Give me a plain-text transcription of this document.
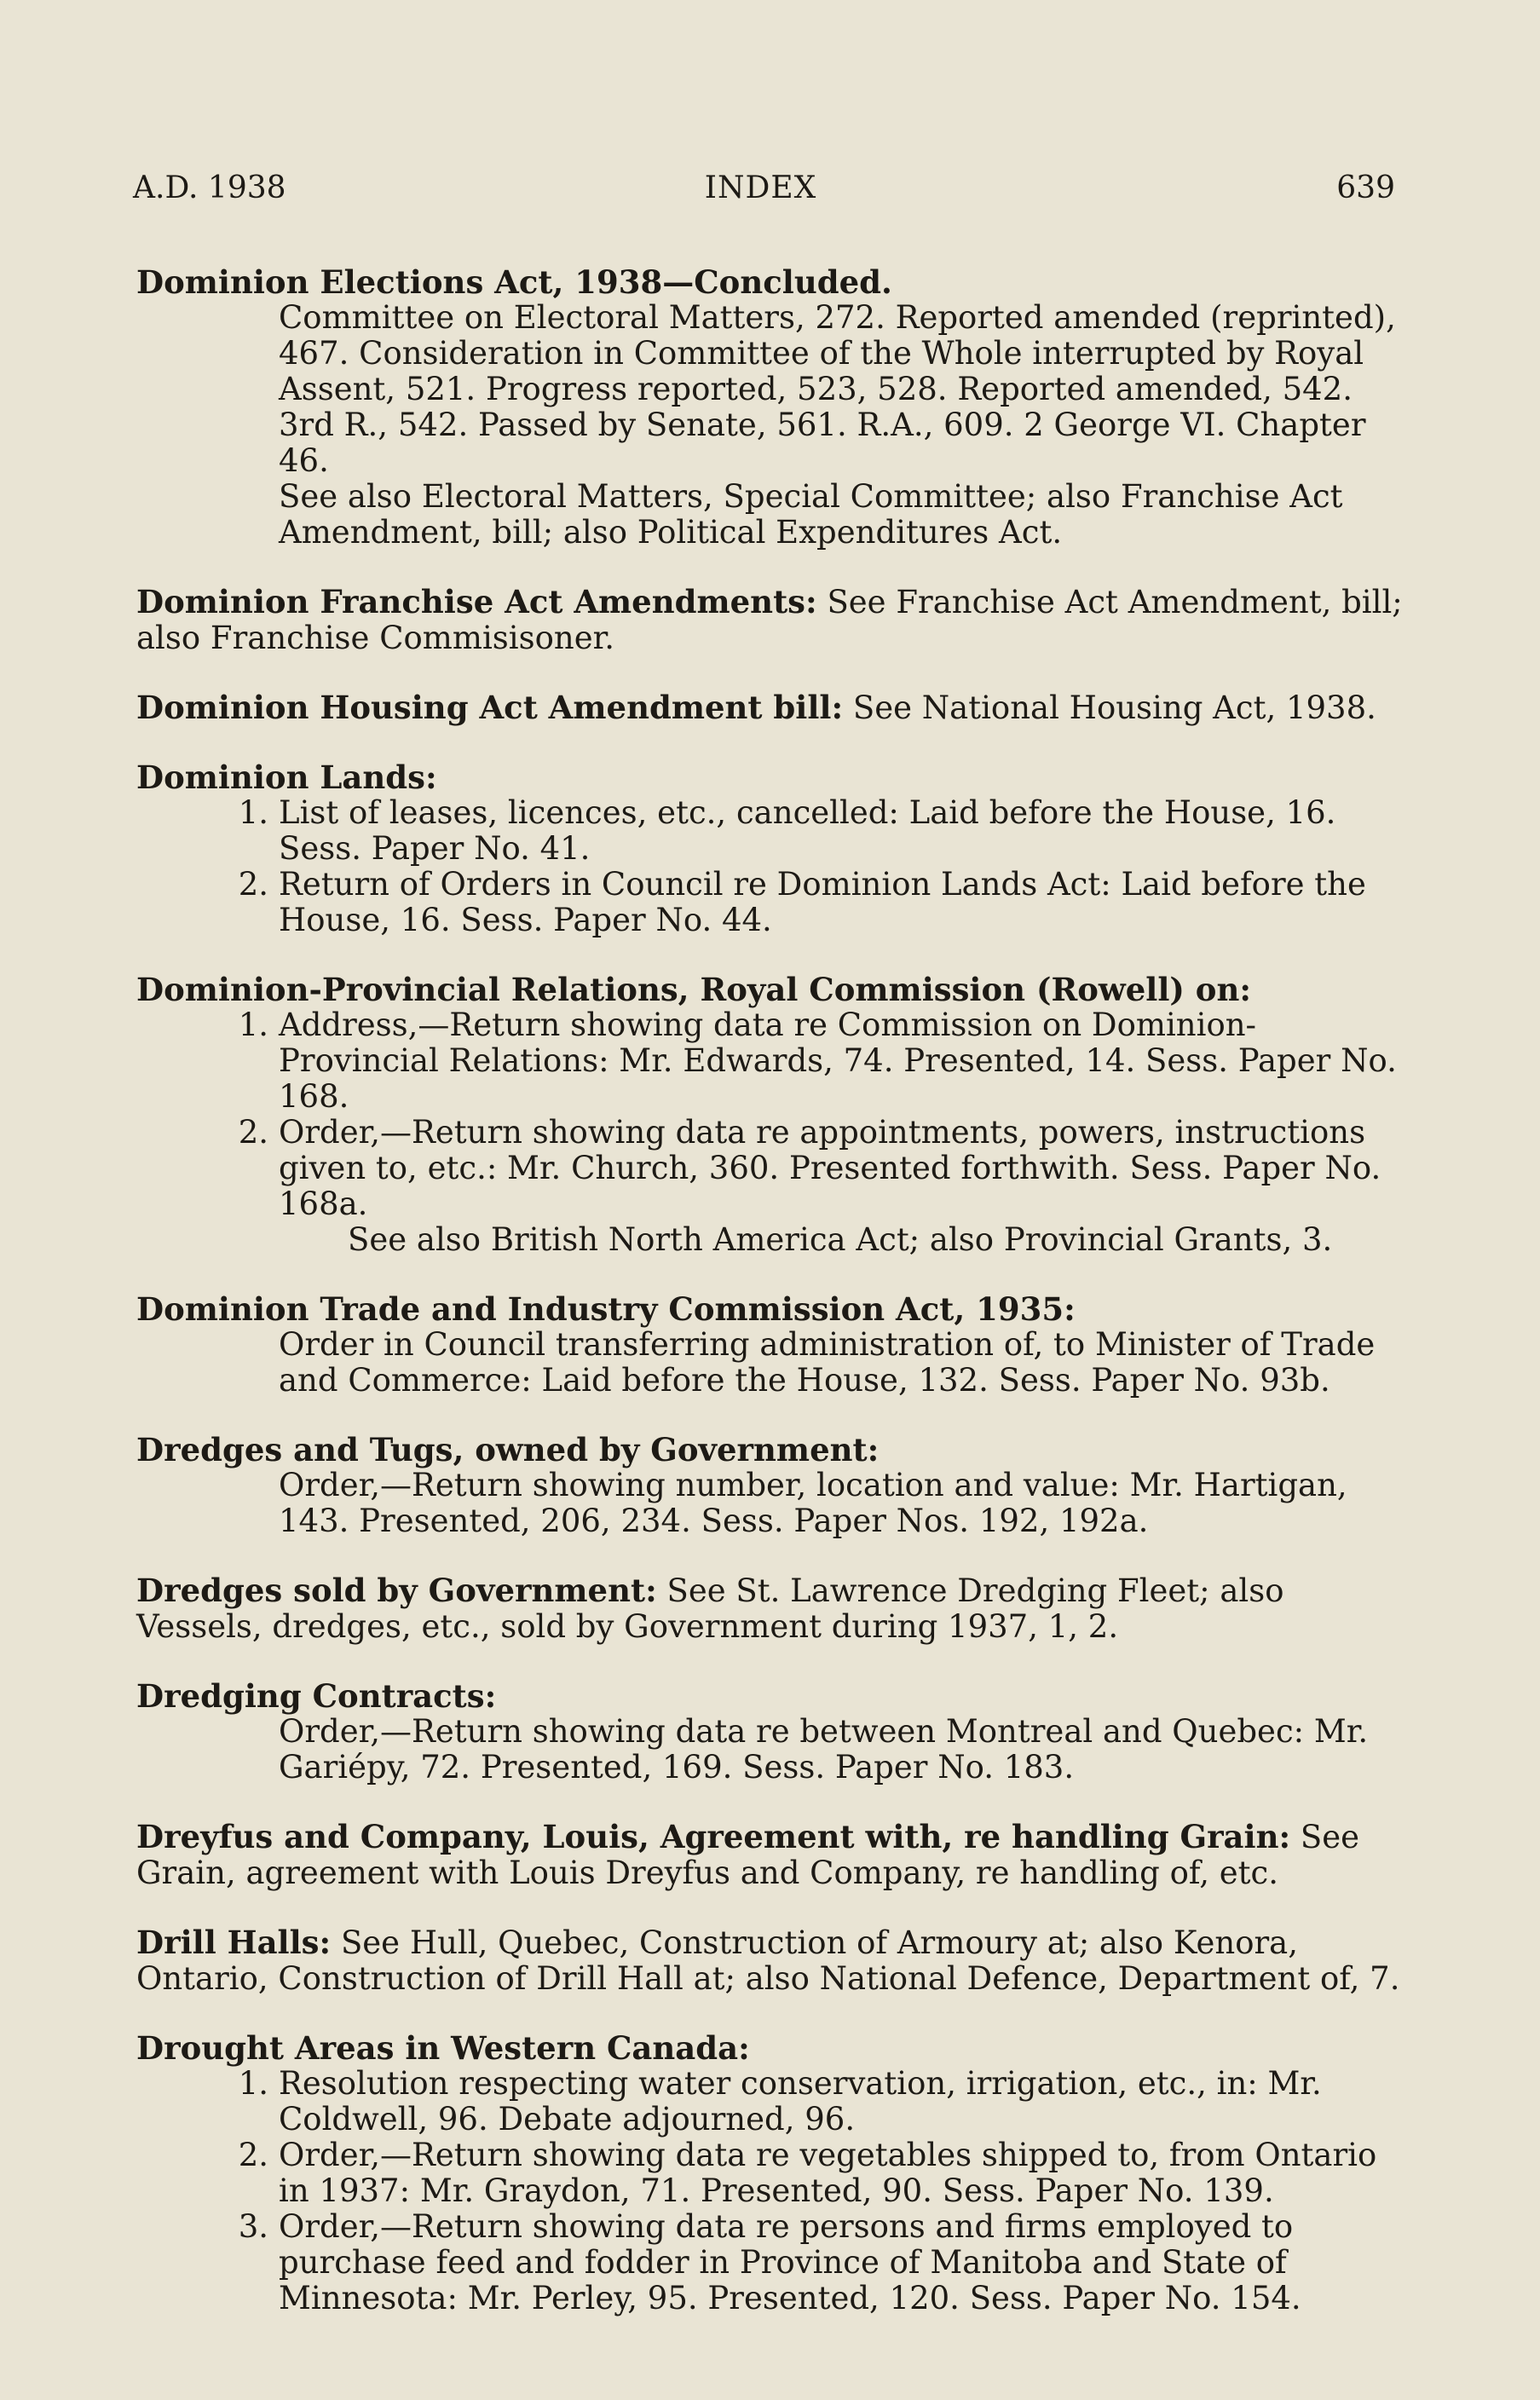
A.D. 1938	INDEX	639
Dominion Elections Act, 1938—Concluded.
Committee on Electoral Matters, 272. Reported amended (reprinted), 467. Consideration in Committee of the Whole interrupted by Royal Assent, 521. Progress reported, 523, 528. Reported amended, 542. 3rd R., 542. Passed by Senate, 561. R.A., 609. 2 George VI. Chapter 46.
See also Electoral Matters, Special Committee; also Franchise Act Amendment, bill; also Political Expenditures Act.
Dominion Franchise Act Amendments: See Franchise Act Amendment, bill; also Franchise Commisisoner.
Dominion Housing Act Amendment bill: See National Housing Act, 1938.
Dominion Lands:
1. List of leases, licences, etc., cancelled: Laid before the House, 16. Sess. Paper No. 41.
2. Return of Orders in Council re Dominion Lands Act: Laid before the House, 16. Sess. Paper No. 44.
Dominion-Provincial Relations, Royal Commission (Rowell) on:
1. Address,—Return showing data re Commission on Dominion-Provincial Relations: Mr. Edwards, 74. Presented, 14. Sess. Paper No. 168.
2. Order,—Return showing data re appointments, powers, instructions given to, etc.: Mr. Church, 360. Presented forthwith. Sess. Paper No. 168a.
See also British North America Act; also Provincial Grants, 3.
Dominion Trade and Industry Commission Act, 1935:
Order in Council transferring administration of, to Minister of Trade and Commerce: Laid before the House, 132. Sess. Paper No. 93b.
Dredges and Tugs, owned by Government:
Order,—Return showing number, location and value: Mr. Hartigan, 143. Presented, 206, 234. Sess. Paper Nos. 192, 192a.
Dredges sold by Government: See St. Lawrence Dredging Fleet; also Vessels, dredges, etc., sold by Government during 1937, 1, 2.
Dredging Contracts:
Order,—Return showing data re between Montreal and Quebec: Mr. Gariépy, 72. Presented, 169. Sess. Paper No. 183.
Dreyfus and Company, Louis, Agreement with, re handling Grain: See Grain, agreement with Louis Dreyfus and Company, re handling of, etc.
Drill Halls: See Hull, Quebec, Construction of Armoury at; also Kenora, Ontario, Construction of Drill Hall at; also National Defence, Department of, 7.
Drought Areas in Western Canada:
1. Resolution respecting water conservation, irrigation, etc., in: Mr. Coldwell, 96. Debate adjourned, 96.
2. Order,—Return showing data re vegetables shipped to, from Ontario in 1937: Mr. Graydon, 71. Presented, 90. Sess. Paper No. 139.
3. Order,—Return showing data re persons and firms employed to purchase feed and fodder in Province of Manitoba and State of Minnesota: Mr. Perley, 95. Presented, 120. Sess. Paper No. 154.
